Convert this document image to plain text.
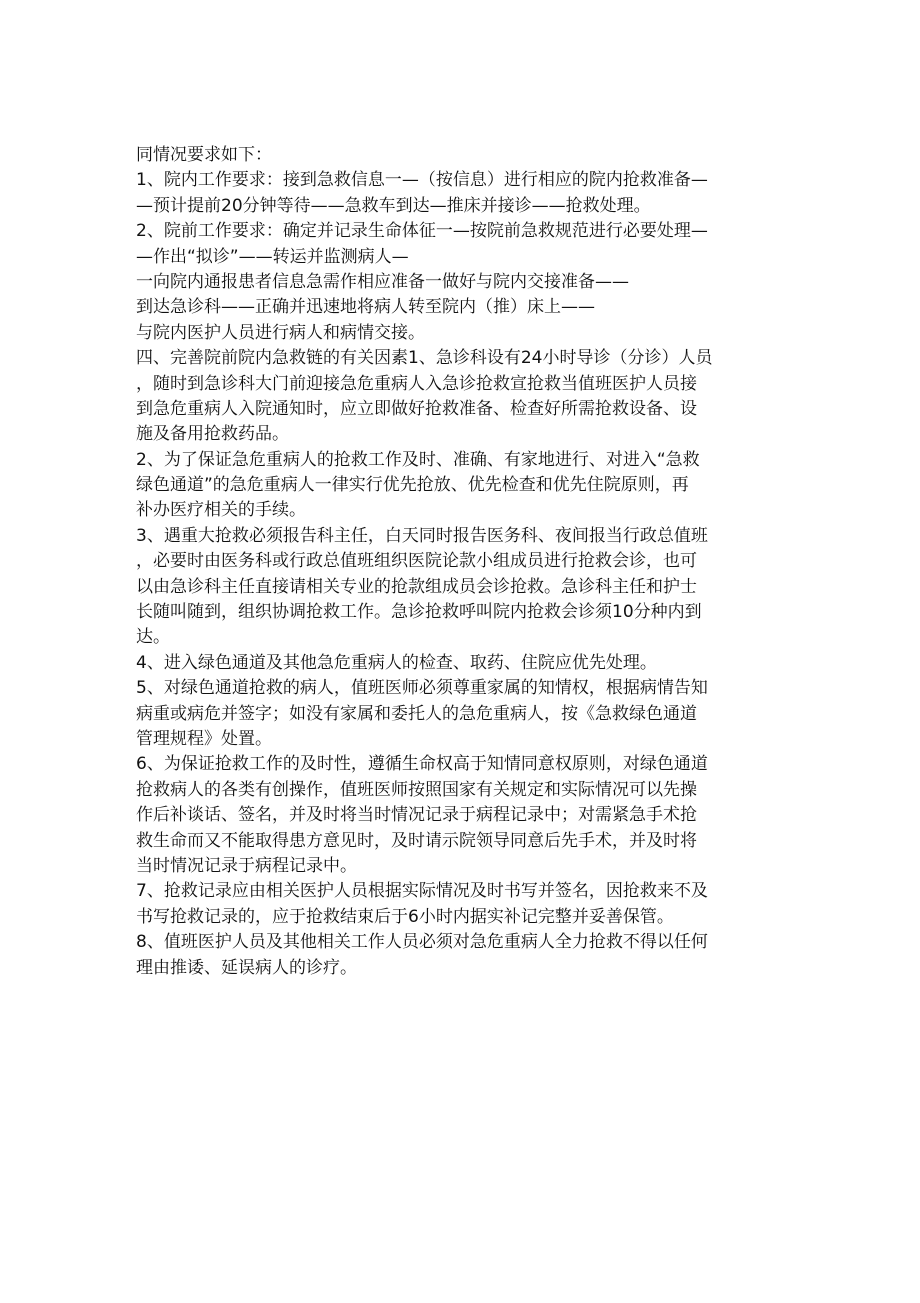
同情况要求如下：
1、院内工作要求：接到急救信息一—（按信息）进行相应的院内抢救准备—
—预计提前20分钟等待——急救车到达—推床并接诊——抢救处理。
2、院前工作要求：确定并记录生命体征一—按院前急救规范进行必要处理—
—作出“拟诊”——转运并监测病人—
一向院内通报患者信息急需作相应准备一做好与院内交接准备——
到达急诊科——正确并迅速地将病人转至院内（推）床上——
与院内医护人员进行病人和病情交接。
四、完善院前院内急救链的有关因素1、急诊科设有24小时导诊（分诊）人员
，随时到急诊科大门前迎接急危重病人入急诊抢救宣抢救当值班医护人员接
到急危重病人入院通知时，应立即做好抢救准备、检查好所需抢救设备、设
施及备用抢救药品。
2、为了保证急危重病人的抢救工作及时、准确、有家地进行、对进入“急救
绿色通道”的急危重病人一律实行优先抢放、优先检查和优先住院原则，再
补办医疗相关的手续。
3、遇重大抢救必须报告科主任，白天同时报告医务科、夜间报当行政总值班
，必要时由医务科或行政总值班组织医院论款小组成员进行抢救会诊，也可
以由急诊科主任直接请相关专业的抢款组成员会诊抢救。急诊科主任和护士
长随叫随到，组织协调抢救工作。急诊抢救呼叫院内抢救会诊须10分种内到
达。
4、进入绿色通道及其他急危重病人的检查、取药、住院应优先处理。
5、对绿色通道抢救的病人，值班医师必须尊重家属的知情权，根据病情告知
病重或病危并签字；如没有家属和委托人的急危重病人，按《急救绿色通道
管理规程》处置。
6、为保证抢救工作的及时性，遵循生命权高于知情同意权原则，对绿色通道
抢救病人的各类有创操作，值班医师按照国家有关规定和实际情况可以先操
作后补谈话、签名，并及时将当时情况记录于病程记录中；对需紧急手术抢
救生命而又不能取得患方意见时，及时请示院领导同意后先手术，并及时将
当时情况记录于病程记录中。
7、抢救记录应由相关医护人员根据实际情况及时书写并签名，因抢救来不及
书写抢救记录的，应于抢救结束后于6小时内据实补记完整并妥善保管。
8、值班医护人员及其他相关工作人员必须对急危重病人全力抢救不得以任何
理由推诿、延误病人的诊疗。
